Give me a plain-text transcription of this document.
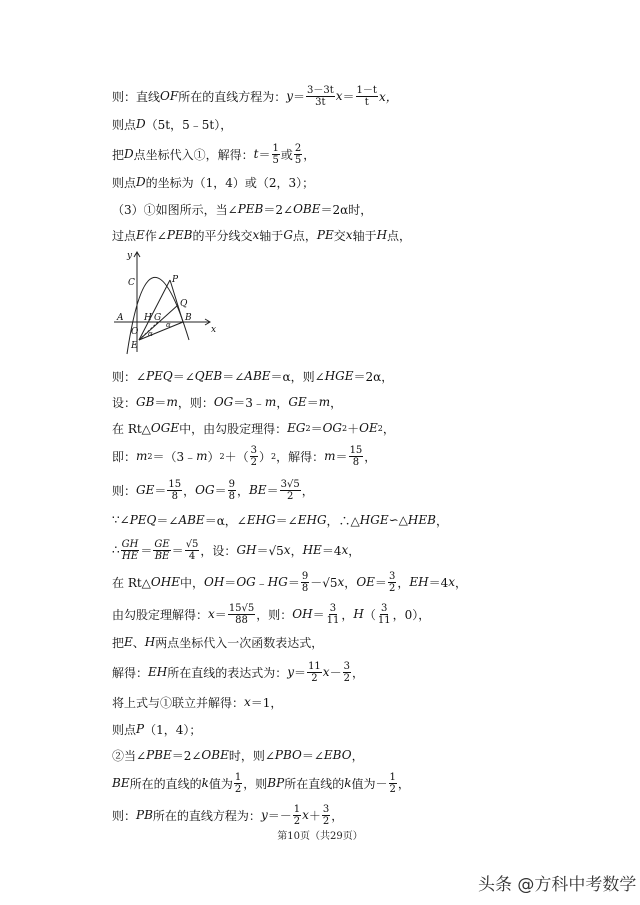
则：直线 OF 所在的直线方程为： $y = \frac{3-3t}{3t}$ $x = \frac{1-t}{t}$ x，
则点 D （5t，5﹣5t），
把 D 点坐标代入①，解得： $t = \frac{1}{5}$ 或 $\frac{2}{5}$ ，
则点 D 的坐标为（1，4）或（2，3）；
（3）①如图所示，当∠ PEB ＝2∠ OBE ＝2α时，
过点 E 作∠ PEB 的平分线交 x 轴于 G 点， PE 交 x 轴于 H 点，
y
x
C	P
Q
A	B
H G
O
E
α
α
则：∠ PEQ ＝∠ QEB ＝∠ ABE ＝α，则∠ HGE ＝2α，
设： GB ＝ m ，则： OG ＝3﹣ m ， GE ＝ m ，
在 Rt△ OGE 中，由勾股定理得： EG 2 ＝ OG 2 ＋ OE 2 ，
即： m 2 ＝（3﹣ m ） 2 ＋（ $\frac{3}{2}$ ） 2 ，解得： $m = \frac{15}{8}$ ，
则： GE ＝ $\frac{15}{8}$ ， OG ＝ $\frac{9}{8}$ ， BE ＝ $\frac{3√5}{2}$ ，
∵∠ PEQ ＝∠ ABE ＝α，∠ EHG ＝∠ EHG ，∴△ HGE ∽△ HEB ，
∴ $\frac{GH}{HE} = \frac{GE}{BE} = \frac{√5}{4}$ ，设： GH ＝√5 x ， HE ＝4 x ，
在 Rt△ OHE 中， OH ＝ OG ﹣ HG ＝ $\frac{9}{8} -√5$ x ， OE ＝ $\frac{3}{2}$ ， EH ＝4 x ，
由勾股定理解得： $x = \frac{15√5}{88}$ ，则： OH ＝ $\frac{3}{11}$ ， H （ $\frac{3}{11}$ ，0），
把 E 、 H 两点坐标代入一次函数表达式，
解得： EH 所在直线的表达式为： $y = \frac{11}{2}$ $x - \frac{3}{2}$ ，
将上式与①联立并解得： x ＝1，
则点 P （1，4）；
②当∠ PBE ＝2∠ OBE 时，则∠ PBO ＝∠ EBO ，
BE 所在的直线的 k 值为 $\frac{1}{2}$ ，则 BP 所在直线的 k 值为－ $\frac{1}{2}$ ，
则： PB 所在的直线方程为： $y =- \frac{1}{2}$ $x + \frac{3}{2}$ ，
第10页（共29页）
头条 @方科中考数学
